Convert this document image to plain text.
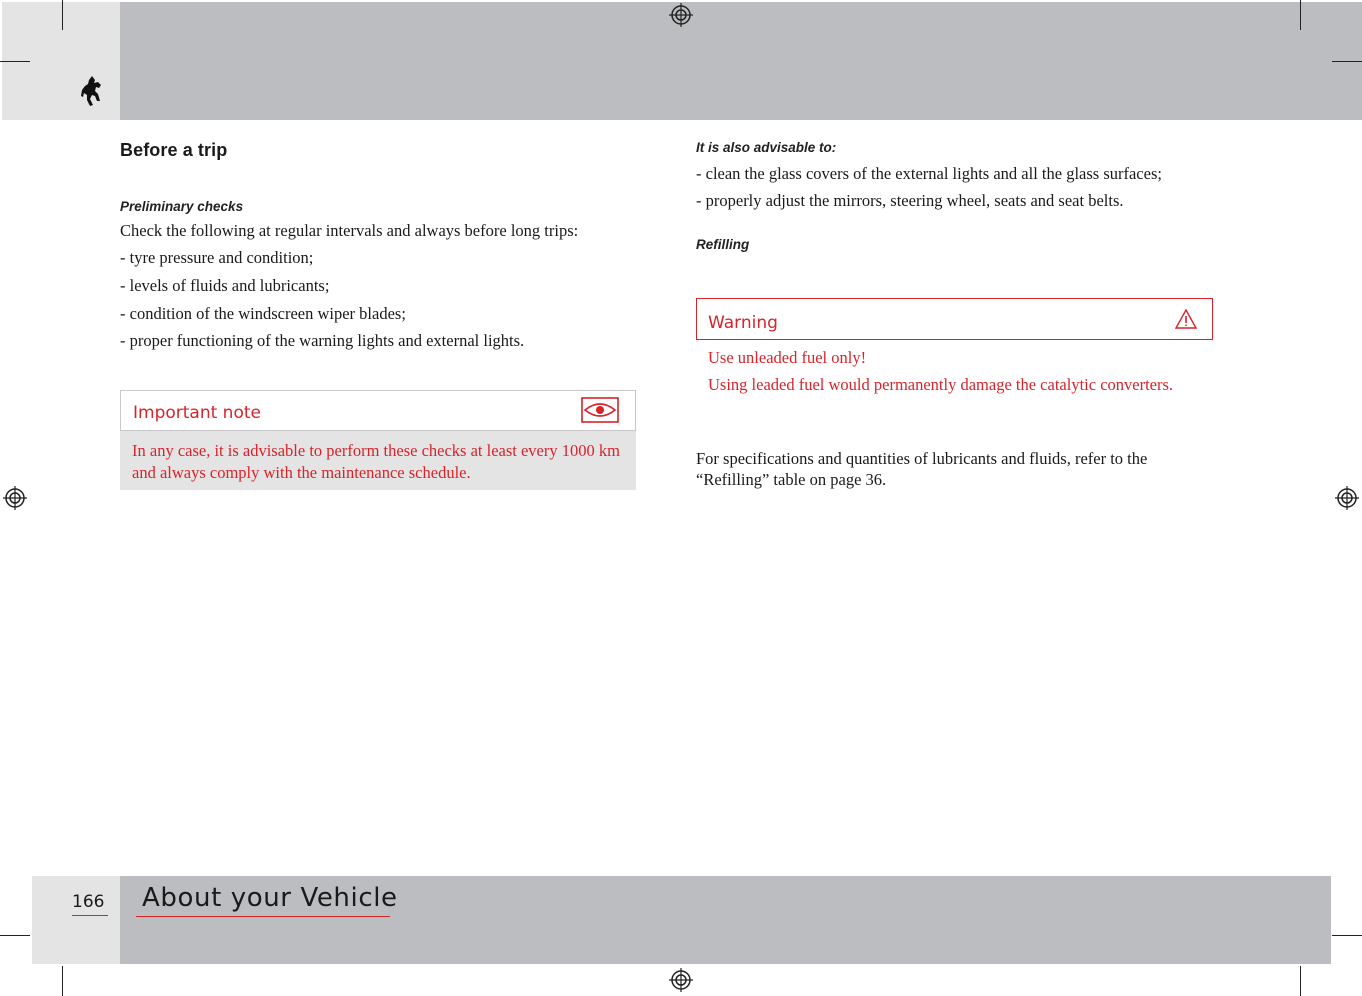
Before a trip
Preliminary checks
Check the following at regular intervals and always before long trips:
- tyre pressure and condition;
- levels of fluids and lubricants;
- condition of the windscreen wiper blades;
- proper functioning of the warning lights and external lights.
Important note
In any case, it is advisable to perform these checks at least every 1000 km and always comply with the maintenance schedule.
It is also advisable to:
- clean the glass covers of the external lights and all the glass surfaces;
- properly adjust the mirrors, steering wheel, seats and seat belts.
Refilling
Warning
Use unleaded fuel only!
Using leaded fuel would permanently damage the catalytic converters.
For specifications and quantities of lubricants and fluids, refer to the “Refilling” table on page 36.
166 About your Vehicle
